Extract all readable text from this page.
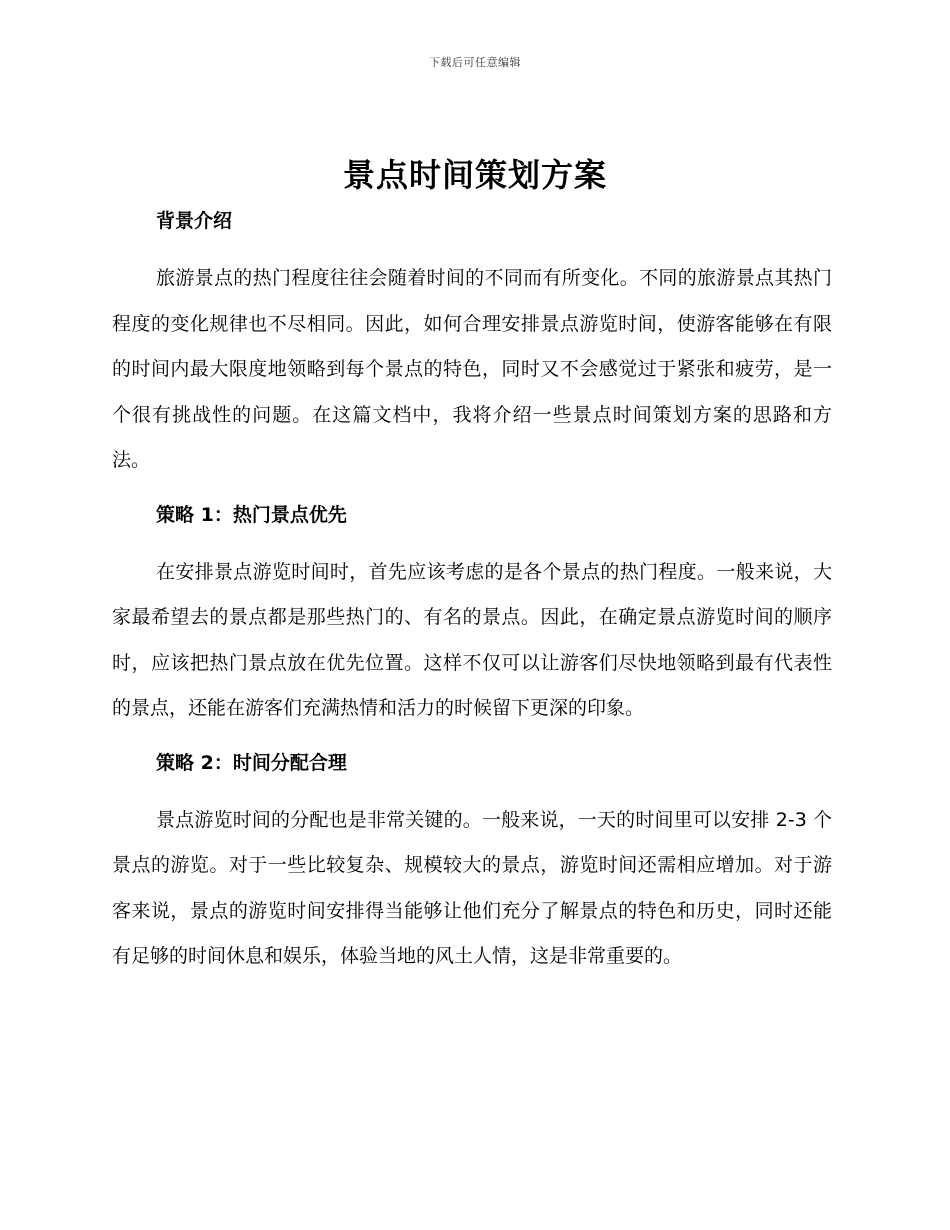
下载后可任意编辑
景点时间策划方案
背景介绍

旅游景点的热门程度往往会随着时间的不同而有所变化。不同的旅游景点其热门程度的变化规律也不尽相同。因此，如何合理安排景点游览时间，使游客能够在有限的时间内最大限度地领略到每个景点的特色，同时又不会感觉过于紧张和疲劳，是一个很有挑战性的问题。在这篇文档中，我将介绍一些景点时间策划方案的思路和方法。

策略 1：热门景点优先

在安排景点游览时间时，首先应该考虑的是各个景点的热门程度。一般来说，大家最希望去的景点都是那些热门的、有名的景点。因此，在确定景点游览时间的顺序时，应该把热门景点放在优先位置。这样不仅可以让游客们尽快地领略到最有代表性的景点，还能在游客们充满热情和活力的时候留下更深的印象。

策略 2：时间分配合理

景点游览时间的分配也是非常关键的。一般来说，一天的时间里可以安排 2-3 个景点的游览。对于一些比较复杂、规模较大的景点，游览时间还需相应增加。对于游客来说，景点的游览时间安排得当能够让他们充分了解景点的特色和历史，同时还能有足够的时间休息和娱乐，体验当地的风土人情，这是非常重要的。
